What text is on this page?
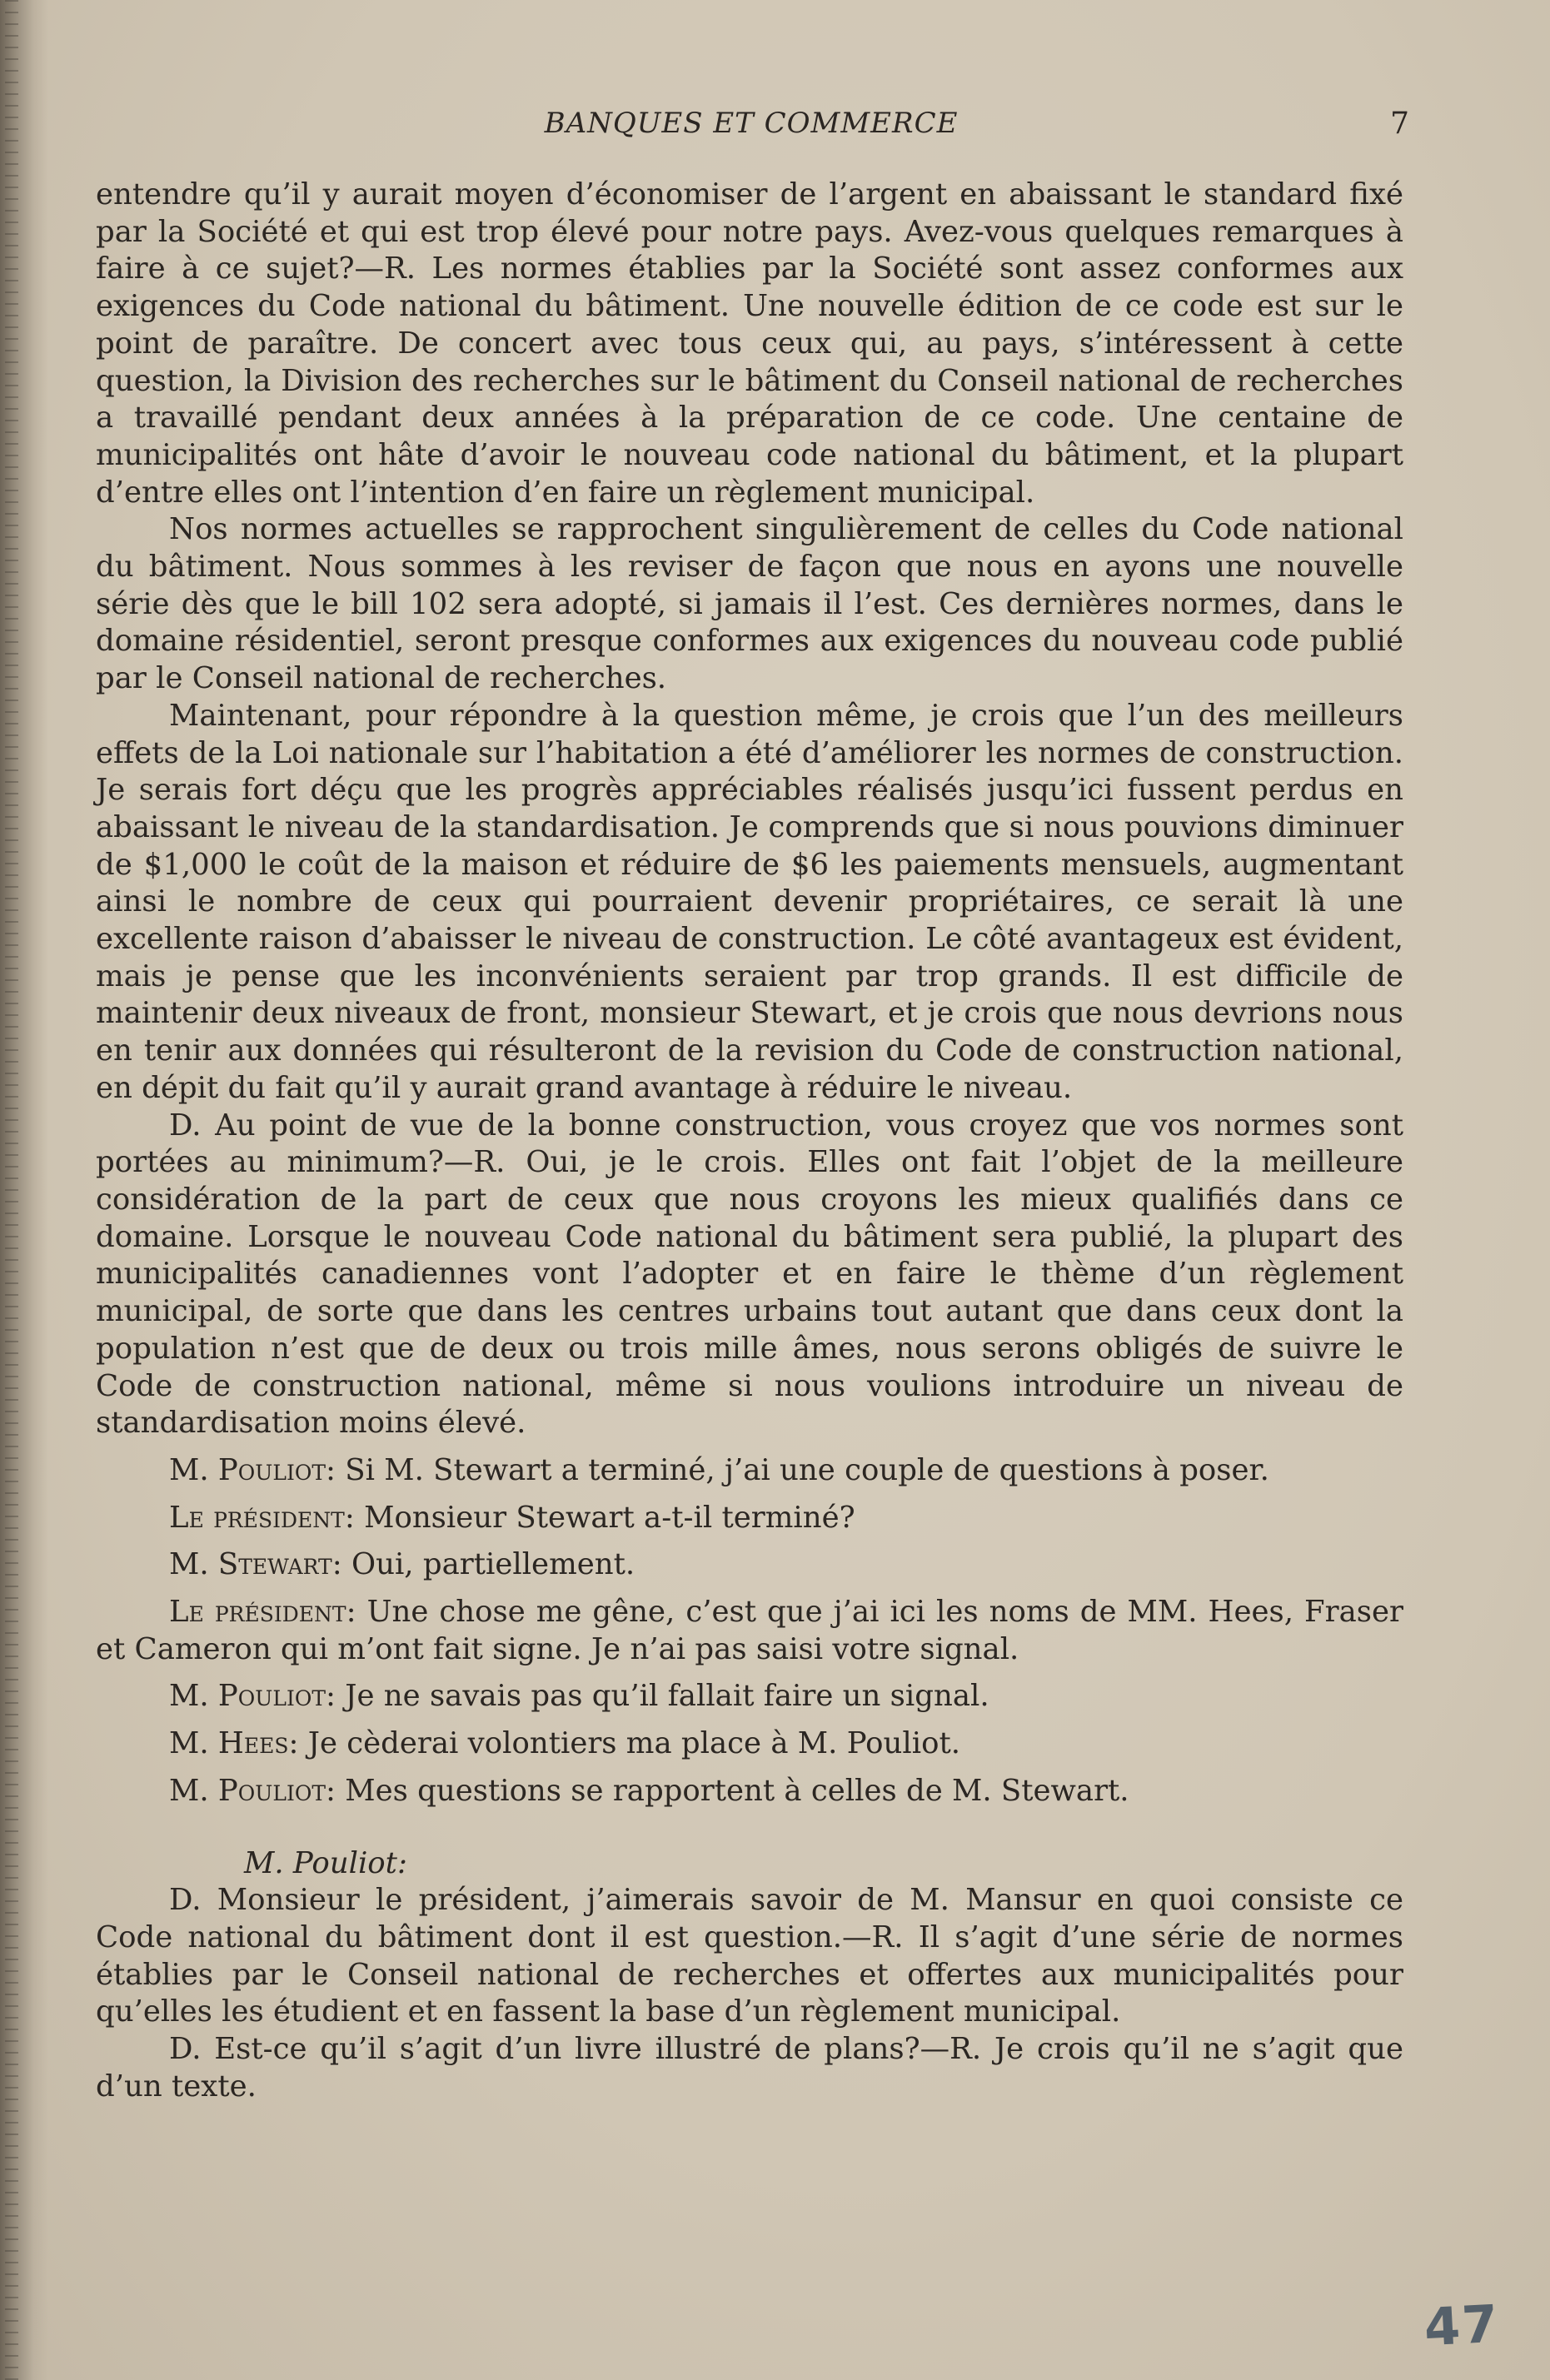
BANQUES ET COMMERCE	7

entendre qu’il y aurait moyen d’économiser de l’argent en abaissant le standard fixé par la Société et qui est trop élevé pour notre pays. Avez-vous quelques remarques à faire à ce sujet?—R. Les normes établies par la Société sont assez conformes aux exigences du Code national du bâtiment. Une nouvelle édition de ce code est sur le point de paraître. De concert avec tous ceux qui, au pays, s’intéressent à cette question, la Division des recherches sur le bâtiment du Conseil national de recherches a travaillé pendant deux années à la préparation de ce code. Une centaine de municipalités ont hâte d’avoir le nouveau code national du bâtiment, et la plupart d’entre elles ont l’intention d’en faire un règlement municipal.

Nos normes actuelles se rapprochent singulièrement de celles du Code national du bâtiment. Nous sommes à les reviser de façon que nous en ayons une nouvelle série dès que le bill 102 sera adopté, si jamais il l’est. Ces dernières normes, dans le domaine résidentiel, seront presque conformes aux exigences du nouveau code publié par le Conseil national de recherches.

Maintenant, pour répondre à la question même, je crois que l’un des meilleurs effets de la Loi nationale sur l’habitation a été d’améliorer les normes de construction. Je serais fort déçu que les progrès appréciables réalisés jusqu’ici fussent perdus en abaissant le niveau de la standardisation. Je comprends que si nous pouvions diminuer de $1,000 le coût de la maison et réduire de $6 les paiements mensuels, augmentant ainsi le nombre de ceux qui pourraient devenir propriétaires, ce serait là une excellente raison d’abaisser le niveau de construction. Le côté avantageux est évident, mais je pense que les inconvénients seraient par trop grands. Il est difficile de maintenir deux niveaux de front, monsieur Stewart, et je crois que nous devrions nous en tenir aux données qui résulteront de la revision du Code de construction national, en dépit du fait qu’il y aurait grand avantage à réduire le niveau.

D. Au point de vue de la bonne construction, vous croyez que vos normes sont portées au minimum?—R. Oui, je le crois. Elles ont fait l’objet de la meilleure considération de la part de ceux que nous croyons les mieux qualifiés dans ce domaine. Lorsque le nouveau Code national du bâtiment sera publié, la plupart des municipalités canadiennes vont l’adopter et en faire le thème d’un règlement municipal, de sorte que dans les centres urbains tout autant que dans ceux dont la population n’est que de deux ou trois mille âmes, nous serons obligés de suivre le Code de construction national, même si nous voulions introduire un niveau de standardisation moins élevé.

M. Pouliot: Si M. Stewart a terminé, j’ai une couple de questions à poser.

Le président: Monsieur Stewart a-t-il terminé?

M. Stewart: Oui, partiellement.

Le président: Une chose me gêne, c’est que j’ai ici les noms de MM. Hees, Fraser et Cameron qui m’ont fait signe. Je n’ai pas saisi votre signal.

M. Pouliot: Je ne savais pas qu’il fallait faire un signal.

M. Hees: Je cèderai volontiers ma place à M. Pouliot.

M. Pouliot: Mes questions se rapportent à celles de M. Stewart.

M. Pouliot:

D. Monsieur le président, j’aimerais savoir de M. Mansur en quoi consiste ce Code national du bâtiment dont il est question.—R. Il s’agit d’une série de normes établies par le Conseil national de recherches et offertes aux municipalités pour qu’elles les étudient et en fassent la base d’un règlement municipal.

D. Est-ce qu’il s’agit d’un livre illustré de plans?—R. Je crois qu’il ne s’agit que d’un texte.

47
